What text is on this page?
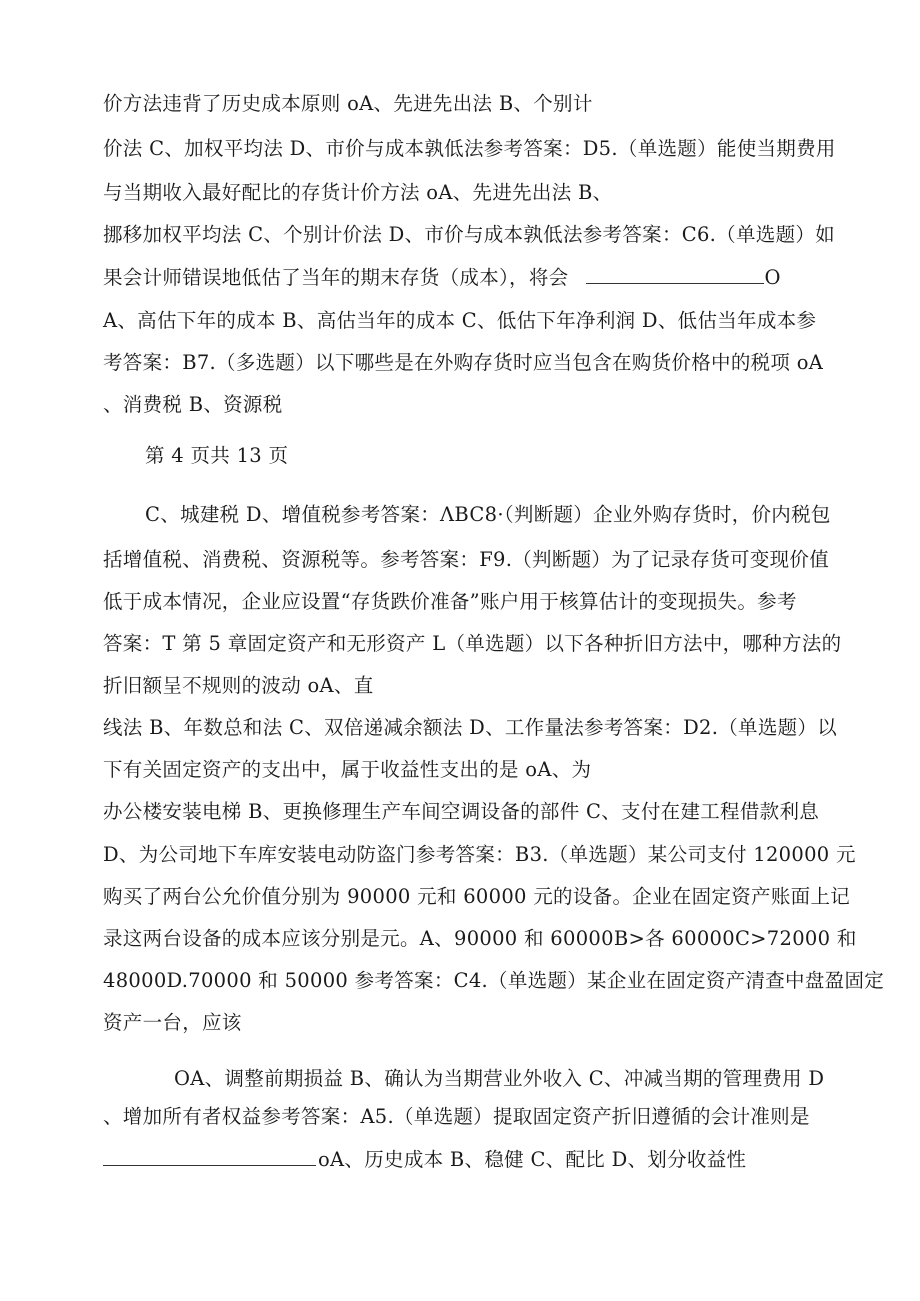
价方法违背了历史成本原则 oA、先进先出法 B、个别计
价法 C、加权平均法 D、市价与成本孰低法参考答案：D5.（单选题）能使当期费用
与当期收入最好配比的存货计价方法 oA、先进先出法 B、
挪移加权平均法 C、个别计价法 D、市价与成本孰低法参考答案：C6.（单选题）如
果会计师错误地低估了当年的期末存货（成本），将会	O
A、高估下年的成本 B、高估当年的成本 C、低估下年净利润 D、低估当年成本参
考答案：B7.（多选题）以下哪些是在外购存货时应当包含在购货价格中的税项 oA
、消费税 B、资源税
第 4 页共 13 页
C、城建税 D、增值税参考答案：ΛBC8·（判断题）企业外购存货时，价内税包
括增值税、消费税、资源税等。参考答案：F9.（判断题）为了记录存货可变现价值
低于成本情况，企业应设置“存货跌价准备”账户用于核算估计的变现损失。参考
答案：T 第 5 章固定资产和无形资产 L（单选题）以下各种折旧方法中，哪种方法的
折旧额呈不规则的波动 oA、直
线法 B、年数总和法 C、双倍递减余额法 D、工作量法参考答案：D2.（单选题）以
下有关固定资产的支出中，属于收益性支出的是 oA、为
办公楼安装电梯 B、更换修理生产车间空调设备的部件 C、支付在建工程借款利息
D、为公司地下车库安装电动防盗门参考答案：B3.（单选题）某公司支付 120000 元
购买了两台公允价值分别为 90000 元和 60000 元的设备。企业在固定资产账面上记
录这两台设备的成本应该分别是元。A、90000 和 60000B>各 60000C>72000 和
48000D.70000 和 50000 参考答案：C4.（单选题）某企业在固定资产清查中盘盈固定
资产一台，应该
OA、调整前期损益 B、确认为当期营业外收入 C、冲减当期的管理费用 D
、增加所有者权益参考答案：A5.（单选题）提取固定资产折旧遵循的会计准则是
oA、历史成本 B、稳健 C、配比 D、划分收益性
